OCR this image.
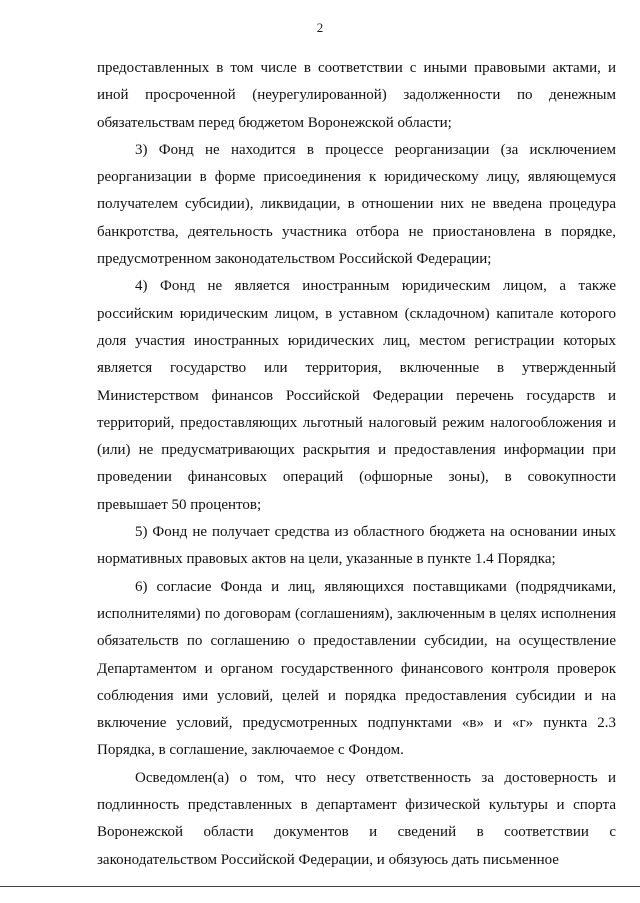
2

предоставленных в том числе в соответствии с иными правовыми актами, и иной просроченной (неурегулированной) задолженности по денежным обязательствам перед бюджетом Воронежской области;

3) Фонд не находится в процессе реорганизации (за исключением реорганизации в форме присоединения к юридическому лицу, являющемуся получателем субсидии), ликвидации, в отношении них не введена процедура банкротства, деятельность участника отбора не приостановлена в порядке, предусмотренном законодательством Российской Федерации;

4) Фонд не является иностранным юридическим лицом, а также российским юридическим лицом, в уставном (складочном) капитале которого доля участия иностранных юридических лиц, местом регистрации которых является государство или территория, включенные в утвержденный Министерством финансов Российской Федерации перечень государств и территорий, предоставляющих льготный налоговый режим налогообложения и (или) не предусматривающих раскрытия и предоставления информации при проведении финансовых операций (офшорные зоны), в совокупности превышает 50 процентов;

5) Фонд не получает средства из областного бюджета на основании иных нормативных правовых актов на цели, указанные в пункте 1.4 Порядка;

6) согласие Фонда и лиц, являющихся поставщиками (подрядчиками, исполнителями) по договорам (соглашениям), заключенным в целях исполнения обязательств по соглашению о предоставлении субсидии, на осуществление Департаментом и органом государственного финансового контроля проверок соблюдения ими условий, целей и порядка предоставления субсидии и на включение условий, предусмотренных подпунктами «в» и «г» пункта 2.3 Порядка, в соглашение, заключаемое с Фондом.

Осведомлен(а) о том, что несу ответственность за достоверность и подлинность представленных в департамент физической культуры и спорта Воронежской области документов и сведений в соответствии с законодательством Российской Федерации, и обязуюсь дать письменное
